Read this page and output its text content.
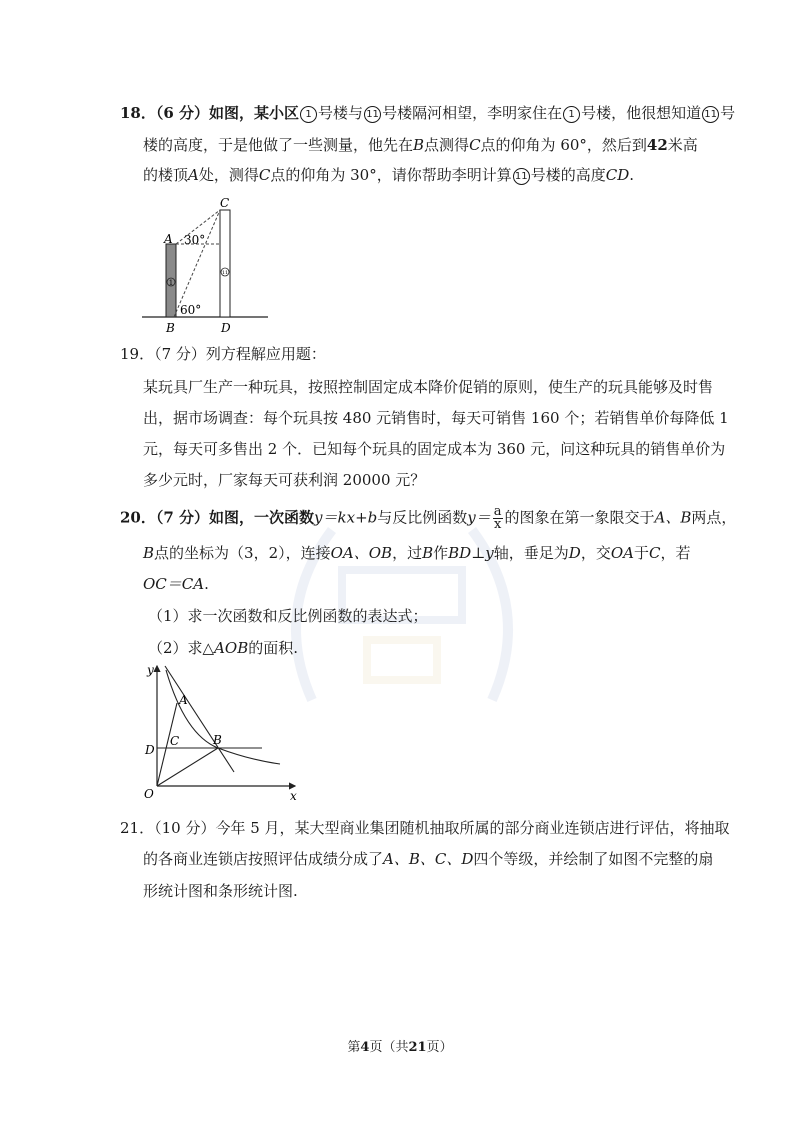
18．（6 分）如图，某小区 1 号楼与 11 号楼隔河相望，李明家住在 1 号楼，他很想知道 11 号
楼的高度，于是他做了一些测量，他先在B点测得C点的仰角为 60°，然后到42米高
的楼顶A处，测得C点的仰角为 30°，请你帮助李明计算 11 号楼的高度CD.
1
11
A 30°
C
60°
B	D
19．（7 分）列方程解应用题：
某玩具厂生产一种玩具，按照控制固定成本降价促销的原则，使生产的玩具能够及时售
出，据市场调查：每个玩具按 480 元销售时，每天可销售 160 个；若销售单价每降低 1
元，每天可多售出 2 个．已知每个玩具的固定成本为 360 元，问这种玩具的销售单价为
多少元时，厂家每天可获利润 20000 元？
20．（7 分）如图，一次函数y＝kx+b与反比例函数$y= \frac{a}{x}$ 的图象在第一象限交于A、B两点，
B点的坐标为（3，2），连接OA、OB，过B作BD⊥y轴，垂足为D，交OA于C，若
OC＝CA.
（1）求一次函数和反比例函数的表达式；
（2）求△AOB的面积.
y
x
O
A
B
C
D
21．（10 分）今年 5 月，某大型商业集团随机抽取所属的部分商业连锁店进行评估，将抽取
的各商业连锁店按照评估成绩分成了A、B、C、D四个等级，并绘制了如图不完整的扇
形统计图和条形统计图.
第4页（共21页）
